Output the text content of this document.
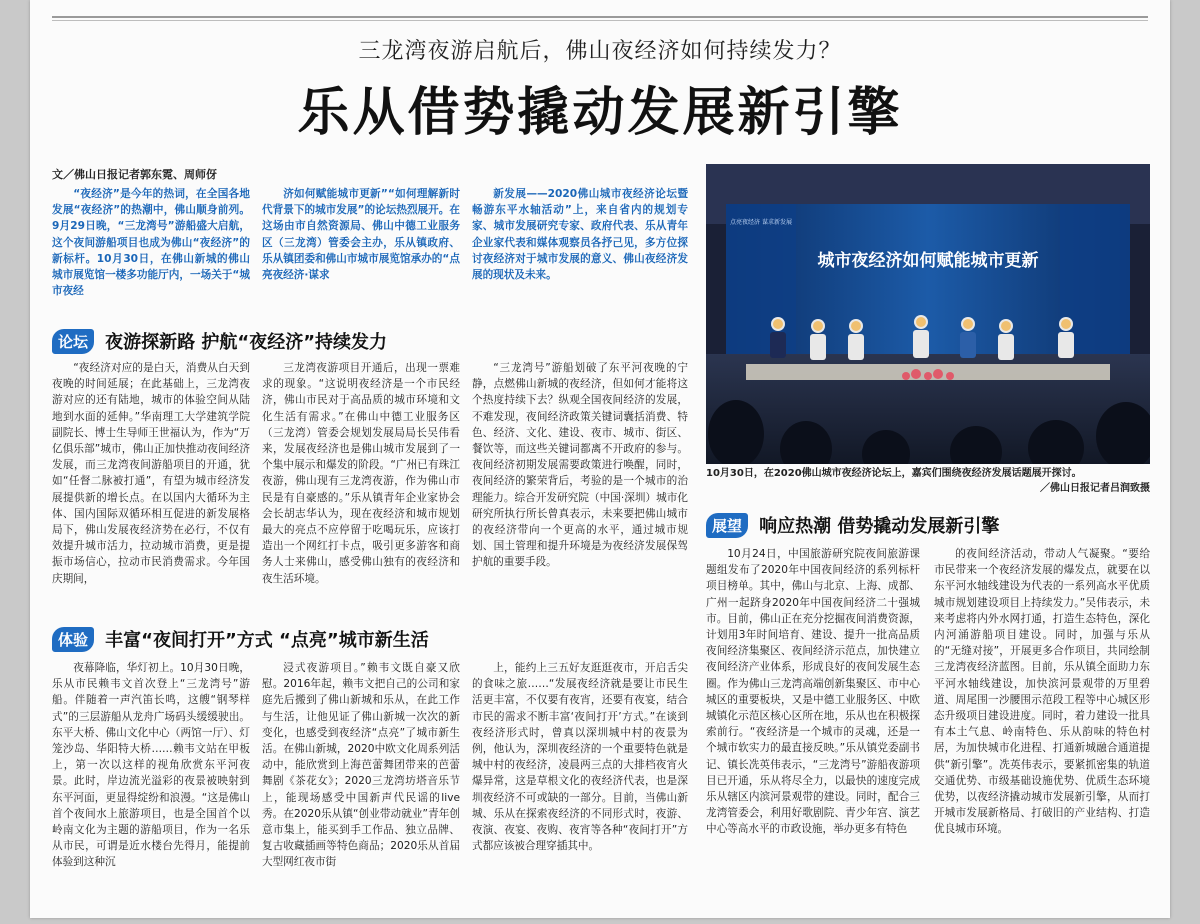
三龙湾夜游启航后，佛山夜经济如何持续发力？
乐从借势撬动发展新引擎
文／佛山日报记者郭东霓、周师伢

“夜经济”是今年的热词，在全国各地发展“夜经济”的热潮中，佛山顺身前列。9月29日晚，“三龙湾号”游船盛大启航，这个夜间游船项目也成为佛山“夜经济”的新标杆。10月30日，在佛山新城的佛山城市展览馆一楼多功能厅内，一场关于“城市夜经

济如何赋能城市更新”“如何理解新时代背景下的城市发展”的论坛热烈展开。在这场由市自然资源局、佛山中德工业服务区（三龙湾）管委会主办，乐从镇政府、乐从镇团委和佛山市城市展览馆承办的“点亮夜经济·谋求

新发展——2020佛山城市夜经济论坛暨畅游东平水轴活动”上，来自省内的规划专家、城市发展研究专家、政府代表、乐从青年企业家代表和媒体观察员各抒己见，多方位探讨夜经济对于城市发展的意义、佛山夜经济发展的现状及未来。

论坛 夜游探新路 护航“夜经济”持续发力

“夜经济对应的是白天，消费从白天到夜晚的时间延展；在此基础上，三龙湾夜游对应的还有陆地，城市的体验空间从陆地到水面的延伸。”华南理工大学建筑学院副院长、博士生导师王世福认为，作为“万亿俱乐部”城市，佛山正加快推动夜间经济发展，而三龙湾夜间游船项目的开通，犹如“任督二脉被打通”，有望为城市经济发展提供新的增长点。在以国内大循环为主体、国内国际双循环相互促进的新发展格局下，佛山发展夜经济势在必行，不仅有效提升城市活力，拉动城市消费，更是提振市场信心，拉动市民消费需求。今年国庆期间，

三龙湾夜游项目开通后，出现一票难求的现象。“这说明夜经济是一个市民经济，佛山市民对于高品质的城市环境和文化生活有需求。”在佛山中德工业服务区（三龙湾）管委会规划发展局局长吴伟看来，发展夜经济也是佛山城市发展到了一个集中展示和爆发的阶段。“广州已有珠江夜游，佛山现有三龙湾夜游，作为佛山市民是有自豪感的。”乐从镇青年企业家协会会长胡志华认为，现在夜经济和城市规划最大的亮点不应停留于吃喝玩乐，应该打造出一个网红打卡点，吸引更多游客和商务人士来佛山，感受佛山独有的夜经济和夜生活环境。

“三龙湾号”游船划破了东平河夜晚的宁静，点燃佛山新城的夜经济，但如何才能将这个热度持续下去？纵观全国夜间经济的发展，不难发现，夜间经济政策关键词囊括消费、特色、经济、文化、建设、夜市、城市、街区、餐饮等，而这些关键词都离不开政府的参与。夜间经济初期发展需要政策进行唤醒，同时，夜间经济的繁荣背后，考验的是一个城市的治理能力。综合开发研究院（中国·深圳）城市化研究所执行所长曾真表示，未来要把佛山城市的夜经济带向一个更高的水平，通过城市规划、国土管理和提升环境是为夜经济发展保驾护航的重要手段。

体验 丰富“夜间打开”方式 “点亮”城市新生活

夜幕降临，华灯初上。10月30日晚，乐从市民赖韦文首次登上“三龙湾号”游船。伴随着一声汽笛长鸣，这艘“钢琴样式”的三层游船从龙舟广场码头缓缓驶出。东平大桥、佛山文化中心（两馆一厅）、灯笼沙岛、华阳特大桥……赖韦文站在甲板上，第一次以这样的视角欣赏东平河夜景。此时，岸边流光溢彩的夜景被映射到东平河面，更显得绽纷和浪漫。“这是佛山首个夜间水上旅游项目，也是全国首个以岭南文化为主题的游船项目，作为一名乐从市民，可谓是近水楼台先得月，能提前体验到这种沉

浸式夜游项目。”赖韦文既自豪又欣慰。2016年起，赖韦文把自己的公司和家庭先后搬到了佛山新城和乐从，在此工作与生活，让他见证了佛山新城一次次的新变化，也感受到夜经济“点亮”了城市新生活。在佛山新城，2020中欧文化周系列活动中，能欣赏到上海芭蕾舞团带来的芭蕾舞剧《茶花女》；2020三龙湾坊塔音乐节上，能现场感受中国新声代民谣的live秀。在2020乐从镇“创业带动就业”青年创意市集上，能买到手工作品、独立品牌、复古收藏插画等特色商品；2020乐从首届大型网红夜市街

上，能约上三五好友逛逛夜市，开启舌尖的食味之旅……“发展夜经济就是要让市民生活更丰富，不仅要有夜宵，还要有夜宴，结合市民的需求不断丰富‘夜间打开’方式。”在谈到夜经济形式时，曾真以深圳城中村的夜景为例，他认为，深圳夜经济的一个重要特色就是城中村的夜经济，凌晨两三点的大排档夜宵火爆异常，这是草根文化的夜经济代表，也是深圳夜经济不可或缺的一部分。目前，当佛山新城、乐从在探索夜经济的不同形式时，夜游、夜演、夜宴、夜购、夜宵等各种“夜间打开”方式都应该被合理穿插其中。

城市夜经济如何赋能城市更新
点亮夜经济 谋求新发展
10月30日，在2020佛山城市夜经济论坛上，嘉宾们围绕夜经济发展话题展开探讨。
／佛山日报记者吕润致摄
展望 响应热潮 借势撬动发展新引擎

10月24日，中国旅游研究院夜间旅游课题组发布了2020年中国夜间经济的系列标杆项目榜单。其中，佛山与北京、上海、成都、广州一起跻身2020年中国夜间经济二十强城市。目前，佛山正在充分挖掘夜间消费资源，计划用3年时间培育、建设、提升一批高品质夜间经济集聚区、夜间经济示范点，加快建立夜间经济产业体系，形成良好的夜间发展生态圈。作为佛山三龙湾高端创新集聚区、市中心城区的重要板块，又是中德工业服务区、中欧城镇化示范区核心区所在地，乐从也在积极探索前行。“夜经济是一个城市的灵魂，还是一个城市软实力的最直接反映。”乐从镇党委副书记、镇长冼英伟表示，“三龙湾号”游船夜游项目已开通，乐从将尽全力，以最快的速度完成乐从辖区内滨河景观带的建设。同时，配合三龙湾管委会，利用好歌剧院、青少年宫、演艺中心等高水平的市政设施，举办更多有特色

的夜间经济活动，带动人气凝聚。“要给市民带来一个夜经济发展的爆发点，就要在以东平河水轴线建设为代表的一系列高水平优质城市规划建设项目上持续发力。”吴伟表示，未来考虑将内外水网打通，打造生态特色，深化内河涌游船项目建设。同时，加强与乐从的“无缝对接”，开展更多合作项目，共同绘制三龙湾夜经济蓝图。目前，乐从镇全面助力东平河水轴线建设，加快滨河景观带的万里碧道、周尾围一沙腰围示范段工程等中心城区形态升级项目建设进度。同时，着力建设一批具有本土气息、岭南特色、乐从韵味的特色村居，为加快城市化进程、打通新城融合通道提供“新引擎”。冼英伟表示，要紧抓密集的轨道交通优势、市级基础设施优势、优质生态环境优势，以夜经济撬动城市发展新引擎，从而打开城市发展新格局、打破旧的产业结构、打造优良城市环境。
